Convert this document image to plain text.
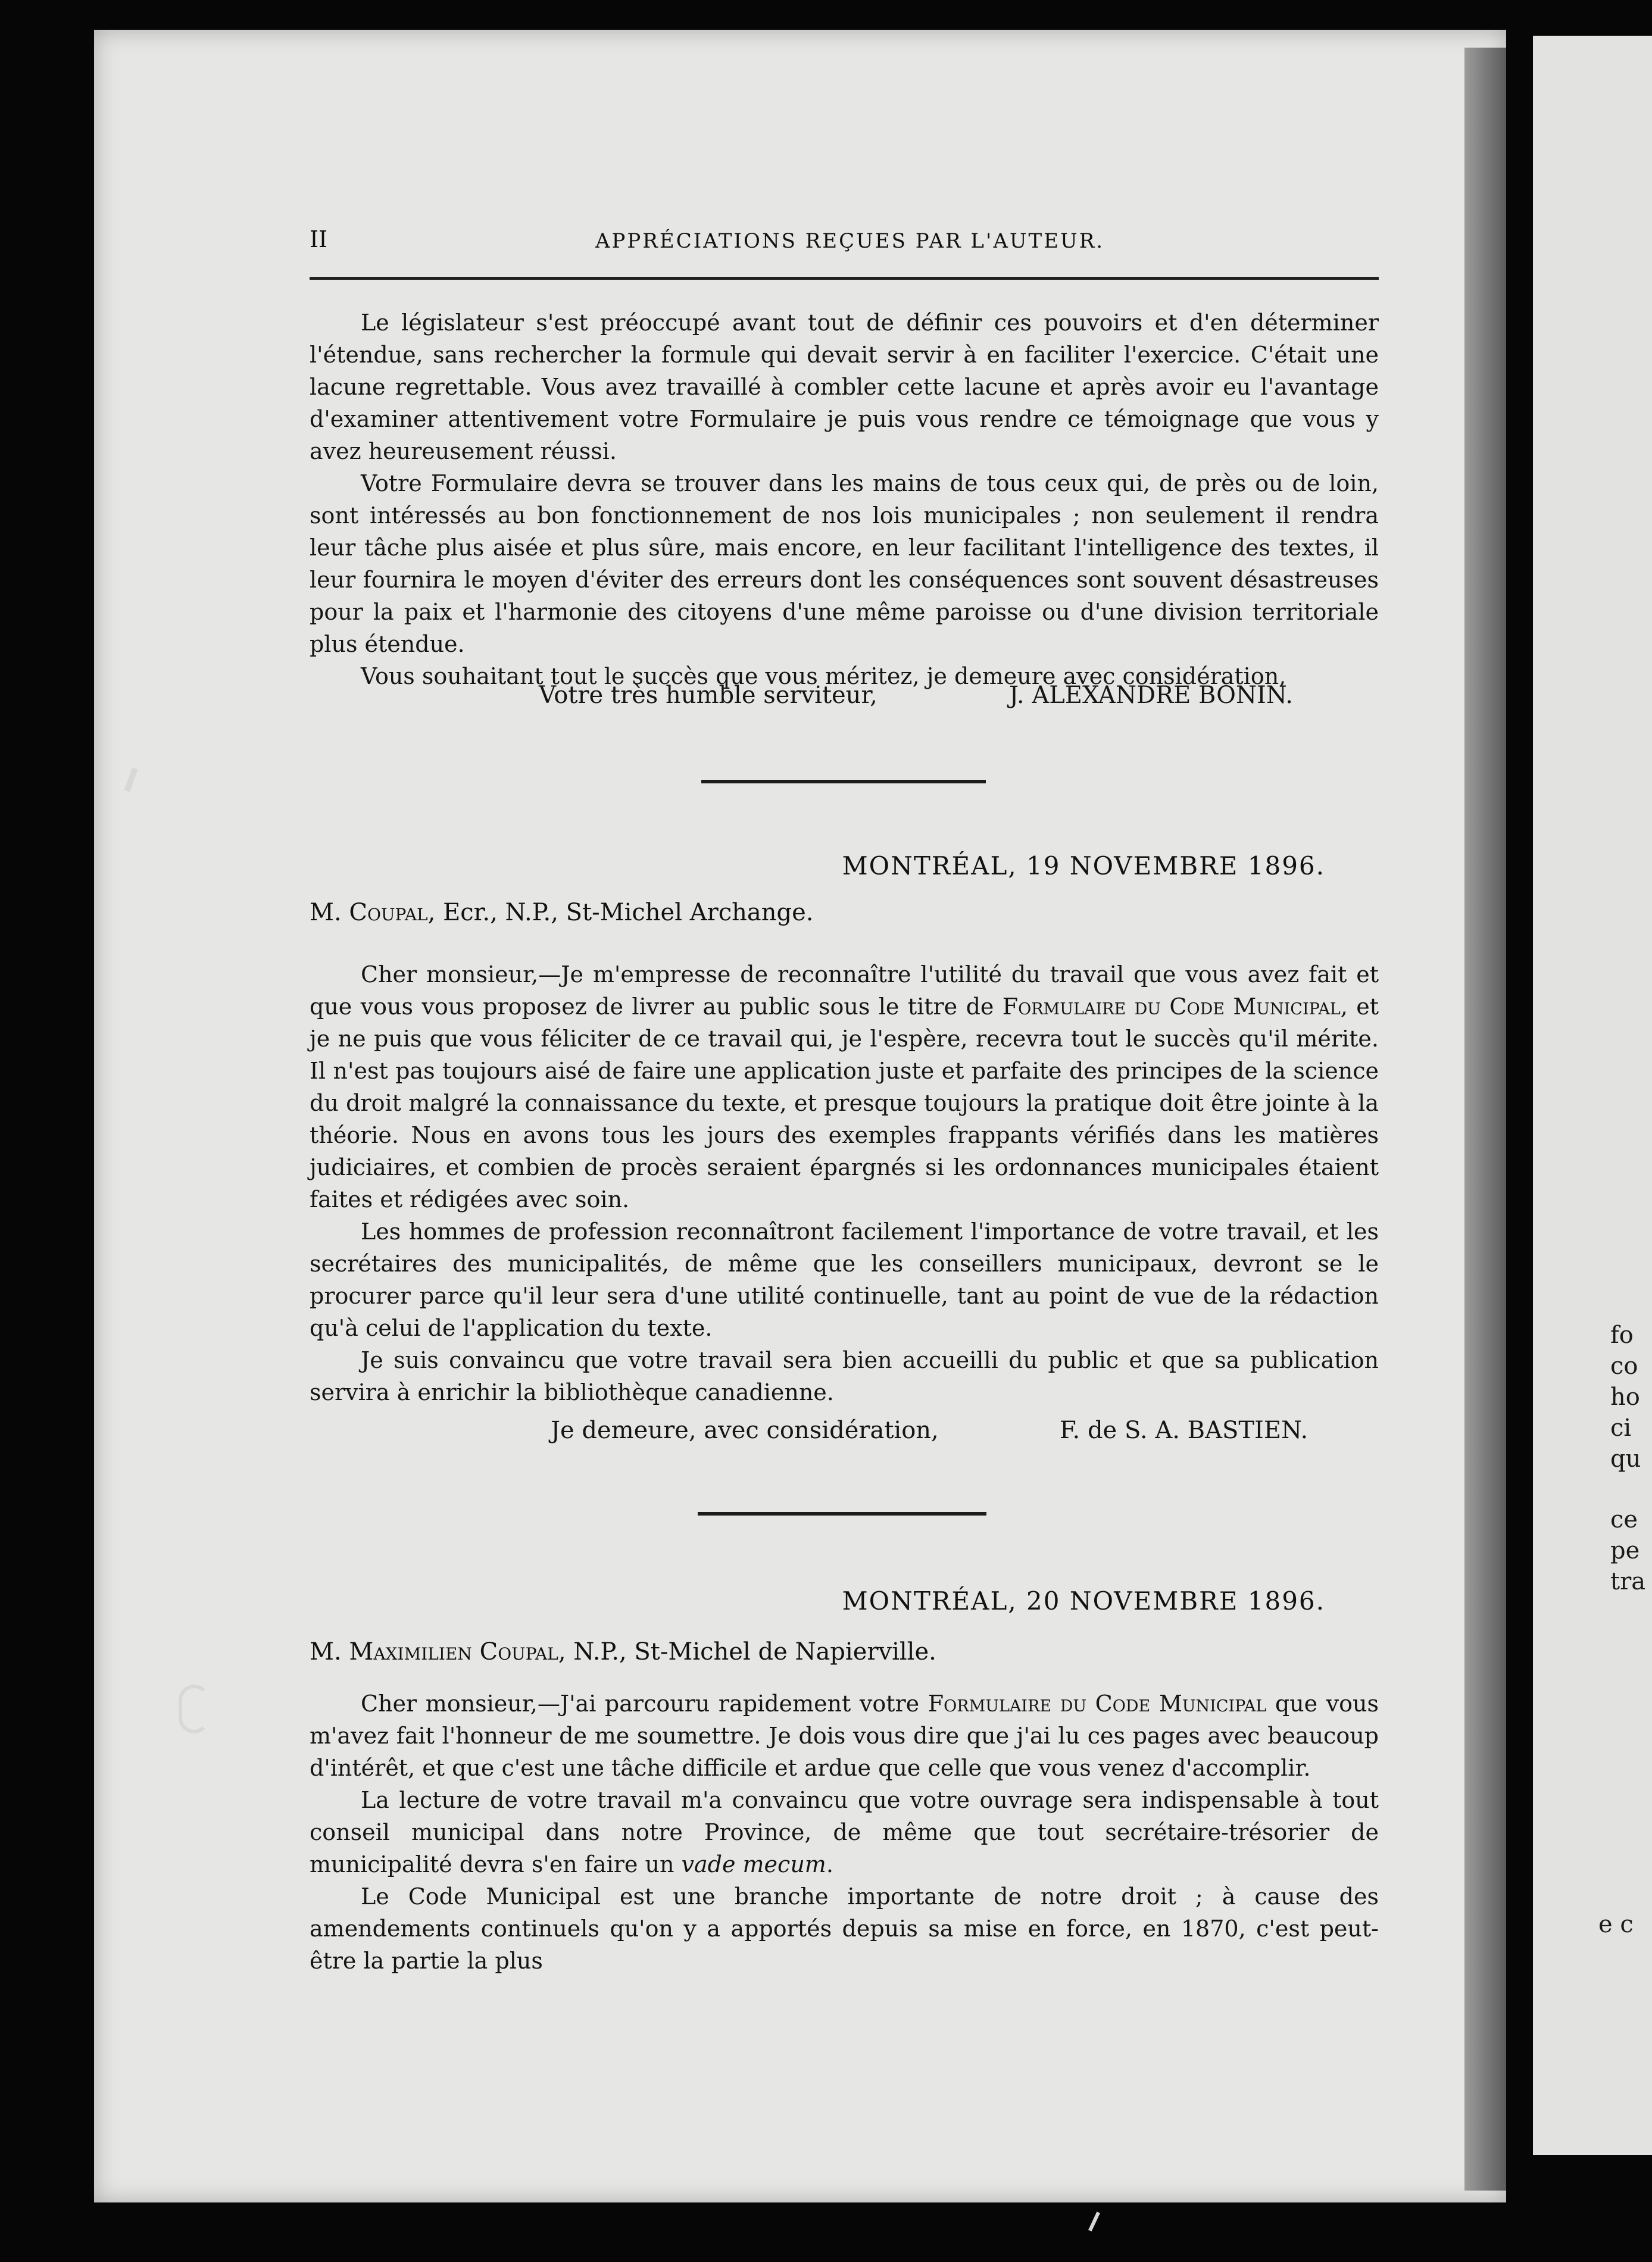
fo
co
ho
ci
qu
ce
pe
tra
e c
II	APPRÉCIATIONS REÇUES PAR L'AUTEUR.

Le législateur s'est préoccupé avant tout de définir ces pouvoirs et d'en déterminer l'étendue, sans rechercher la formule qui devait servir à en faciliter l'exercice. C'était une lacune regrettable. Vous avez travaillé à combler cette lacune et après avoir eu l'avantage d'examiner attentivement votre Formulaire je puis vous rendre ce témoignage que vous y avez heureusement réussi.

Votre Formulaire devra se trouver dans les mains de tous ceux qui, de près ou de loin, sont intéressés au bon fonctionnement de nos lois municipales ; non seulement il rendra leur tâche plus aisée et plus sûre, mais encore, en leur facilitant l'intelligence des textes, il leur fournira le moyen d'éviter des erreurs dont les conséquences sont souvent désastreuses pour la paix et l'harmonie des citoyens d'une même paroisse ou d'une division territoriale plus étendue.

Vous souhaitant tout le succès que vous méritez, je demeure avec considération,

Votre très humble serviteur,	J. ALEXANDRE BONIN.
MONTRÉAL, 19 NOVEMBRE 1896.
M. Coupal, Ecr., N.P., St-Michel Archange.

Cher monsieur,—Je m'empresse de reconnaître l'utilité du travail que vous avez fait et que vous vous proposez de livrer au public sous le titre de Formulaire du Code Municipal, et je ne puis que vous féliciter de ce travail qui, je l'espère, recevra tout le succès qu'il mérite. Il n'est pas toujours aisé de faire une application juste et parfaite des principes de la science du droit malgré la connaissance du texte, et presque toujours la pratique doit être jointe à la théorie. Nous en avons tous les jours des exemples frappants vérifiés dans les matières judiciaires, et combien de procès seraient épargnés si les ordonnances municipales étaient faites et rédigées avec soin.

Les hommes de profession reconnaîtront facilement l'importance de votre travail, et les secrétaires des municipalités, de même que les conseillers municipaux, devront se le procurer parce qu'il leur sera d'une utilité continuelle, tant au point de vue de la rédaction qu'à celui de l'application du texte.

Je suis convaincu que votre travail sera bien accueilli du public et que sa publication servira à enrichir la bibliothèque canadienne.

Je demeure, avec considération,	F. de S. A. BASTIEN.
MONTRÉAL, 20 NOVEMBRE 1896.
M. Maximilien Coupal, N.P., St-Michel de Napierville.

Cher monsieur,—J'ai parcouru rapidement votre Formulaire du Code Municipal que vous m'avez fait l'honneur de me soumettre. Je dois vous dire que j'ai lu ces pages avec beaucoup d'intérêt, et que c'est une tâche difficile et ardue que celle que vous venez d'accomplir.

La lecture de votre travail m'a convaincu que votre ouvrage sera indispensable à tout conseil municipal dans notre Province, de même que tout secrétaire-trésorier de municipalité devra s'en faire un vade mecum.

Le Code Municipal est une branche importante de notre droit ; à cause des amendements continuels qu'on y a apportés depuis sa mise en force, en 1870, c'est peut-être la partie la plus
